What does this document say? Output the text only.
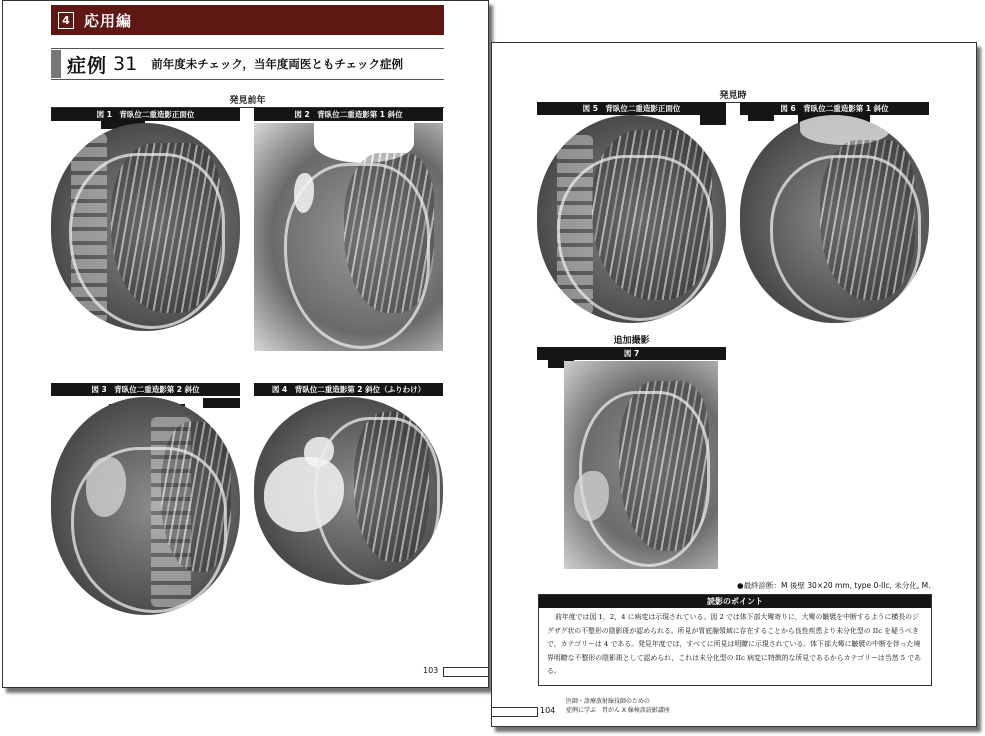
4 応用編
症例 31 前年度未チェック，当年度両医ともチェック症例
発見前年
図 1　背臥位二重造影正面位	図 2　背臥位二重造影第 1 斜位
図 3　背臥位二重造影第 2 斜位	図 4　背臥位二重造影第 2 斜位（ふりわけ）
103
発見時
図 5　背臥位二重造影正面位	図 6　背臥位二重造影第 1 斜位
追加撮影
図 7
●最終診断：M 後壁 30×20 mm, type 0-IIc, 未分化, M.
読影のポイント
前年度では図 1，2，4 に病変は示現されている。図 2 では体下部大彎寄りに，大彎の皺襞を中断するように横長のジグザグ状の不整形の陰影斑が認められる。所見が胃底腺領域に存在することから良性疾患より未分化型の IIc を疑うべきで，カテゴリーは 4 である。発見年度では，すべてに所見は明瞭に示現されている。体下部大彎に皺襞の中断を伴った境界明瞭な不整形の陰影斑として認められ，これは未分化型の IIc 病変に特徴的な所見であるからカテゴリーは当然 5 である。
104
医師・診療放射線技師のための
症例に学ぶ　胃がん X 線検診読影講座
